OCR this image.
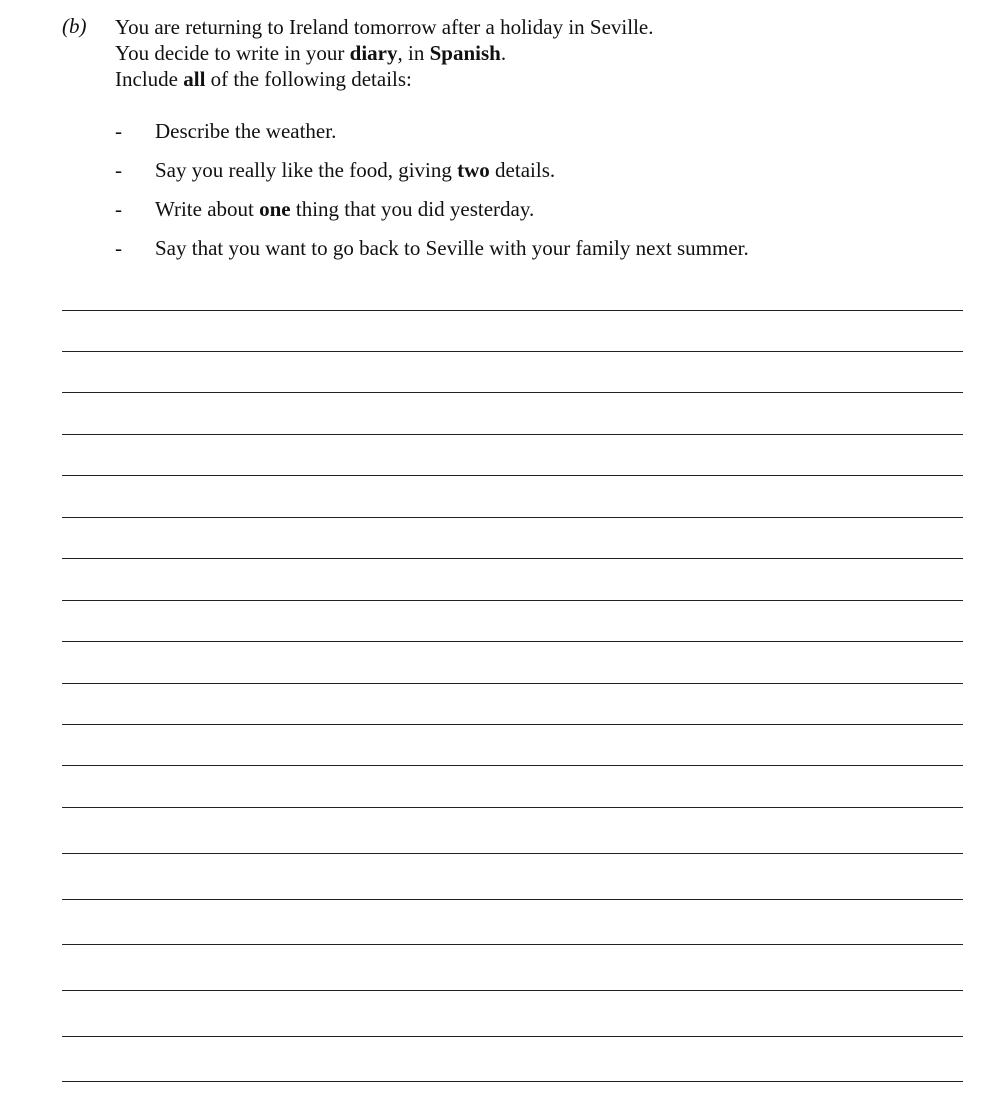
(b) You are returning to Ireland tomorrow after a holiday in Seville.
You decide to write in your diary, in Spanish.
Include all of the following details:
- Describe the weather.
- Say you really like the food, giving two details.
- Write about one thing that you did yesterday.
- Say that you want to go back to Seville with your family next summer.
